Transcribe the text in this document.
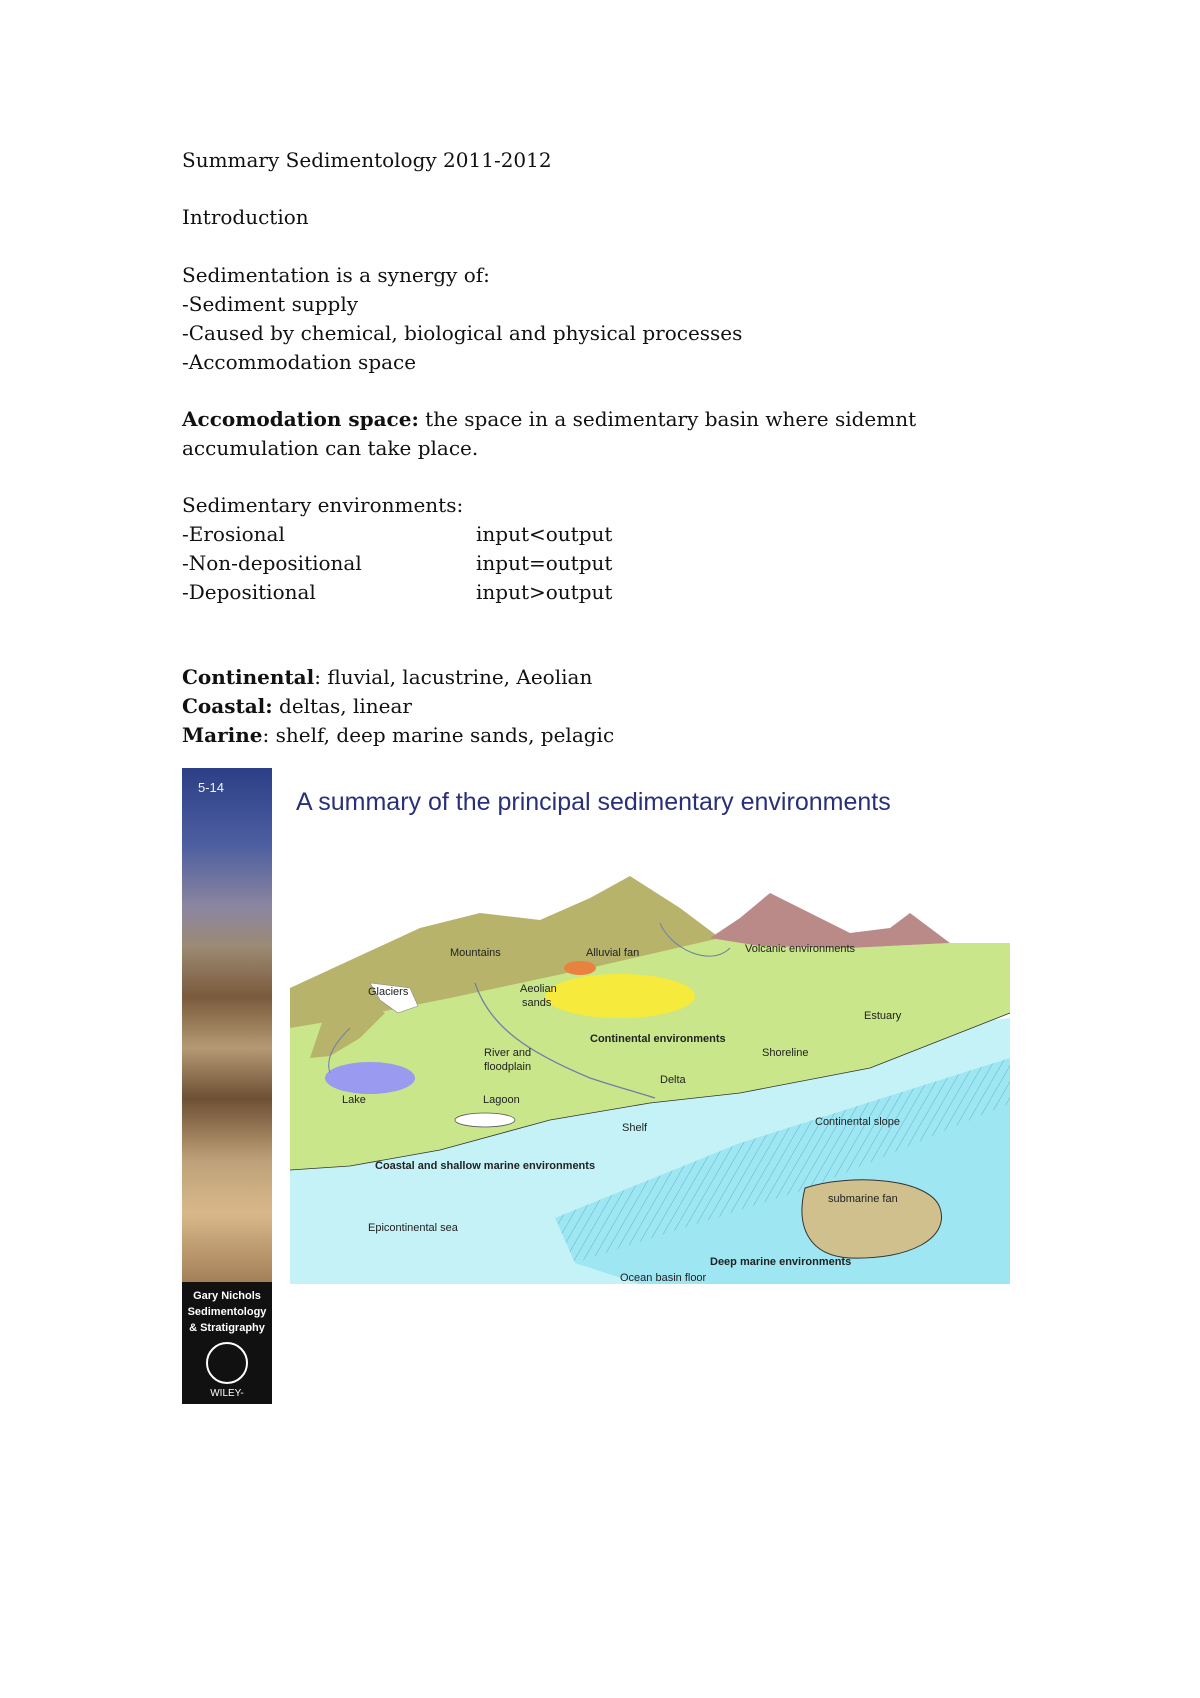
Summary Sedimentology 2011-2012
Introduction
Sedimentation is a synergy of:
-Sediment supply
-Caused by chemical, biological and physical processes
-Accommodation space
Accomodation space: the space in a sedimentary basin where sidemnt
accumulation can take place.
Sedimentary environments:
-Erosional	input<output
-Non-depositional	input=output
-Depositional	input>output
Continental: fluvial, lacustrine, Aeolian
Coastal: deltas, linear
Marine: shelf, deep marine sands, pelagic
5-14
Gary Nichols
Sedimentology
& Stratigraphy
WILEY-
BLACKWELL
A summary of the principal sedimentary environments
Mountains	Alluvial fan	Volcanic environments
Glaciers	Aeolian
sands
Estuary
Continental environments
Shoreline
River and
floodplain
Lake	Lagoon
Delta
Shelf	Continental slope
Coastal and shallow marine environments
submarine fan
Epicontinental sea
Deep marine environments
Ocean basin floor
